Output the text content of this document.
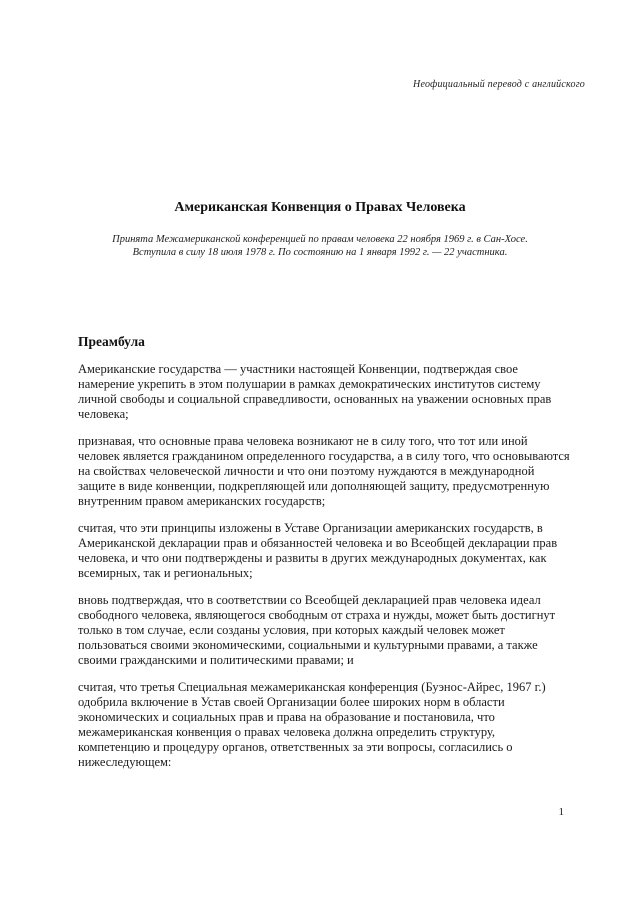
Неофициальный перевод с английского
Американская Конвенция о Правах Человека
Принята Межамериканской конференцией по правам человека 22 ноября 1969 г. в Сан-Хосе.
Вступила в силу 18 июля 1978 г. По состоянию на 1 января 1992 г. — 22 участника.
Преамбула

Американские государства — участники настоящей Конвенции, подтверждая свое намерение укрепить в этом полушарии в рамках демократических институтов систему личной свободы и социальной справедливости, основанных на уважении основных прав человека;

признавая, что основные права человека возникают не в силу того, что тот или иной человек является гражданином определенного государства, а в силу того, что основываются на свойствах человеческой личности и что они поэтому нуждаются в международной защите в виде конвенции, подкрепляющей или дополняющей защиту, предусмотренную внутренним правом американских государств;

считая, что эти принципы изложены в Уставе Организации американских государств, в Американской декларации прав и обязанностей человека и во Всеобщей декларации прав человека, и что они подтверждены и развиты в других международных документах, как всемирных, так и региональных;

вновь подтверждая, что в соответствии со Всеобщей декларацией прав человека идеал свободного человека, являющегося свободным от страха и нужды, может быть достигнут только в том случае, если созданы условия, при которых каждый человек может пользоваться своими экономическими, социальными и культурными правами, а также своими гражданскими и политическими правами; и

считая, что третья Специальная межамериканская конференция (Буэнос-Айрес, 1967 г.) одобрила включение в Устав своей Организации более широких норм в области экономических и социальных прав и права на образование и постановила, что межамериканская конвенция о правах человека должна определить структуру, компетенцию и процедуру органов, ответственных за эти вопросы, согласились о нижеследующем:

1
